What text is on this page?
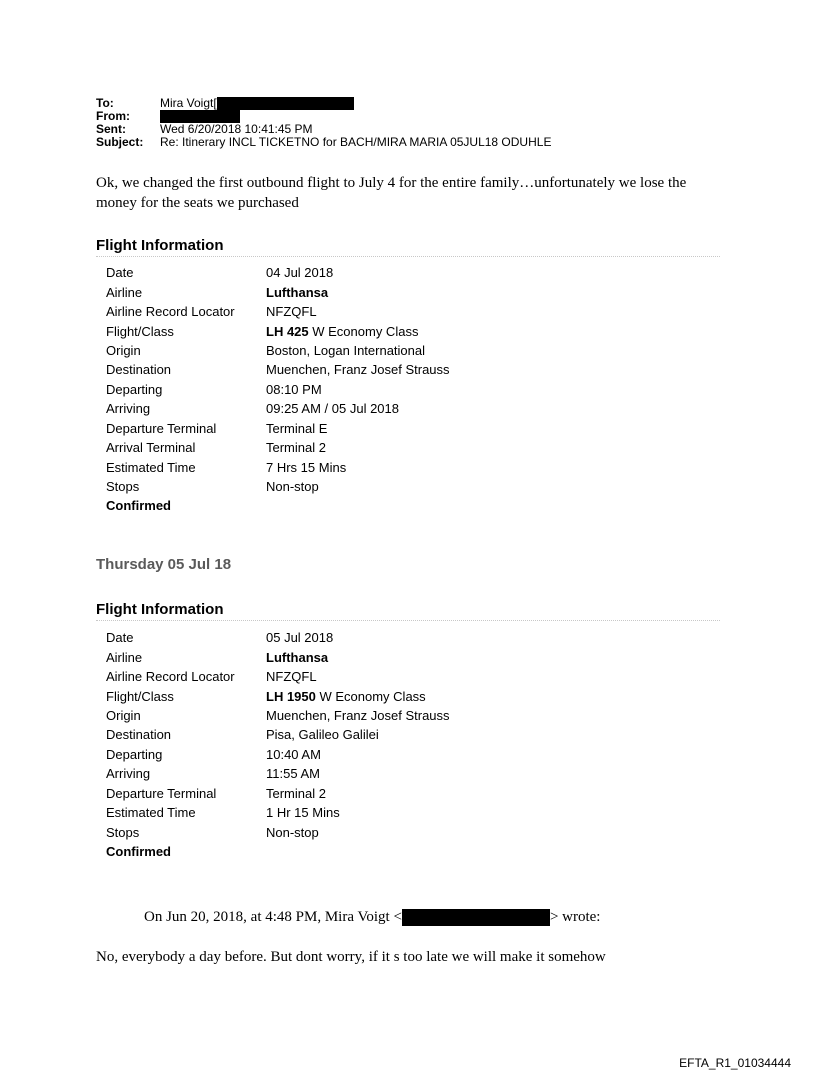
To:	Mira Voigt[
From:
Sent:	Wed 6/20/2018 10:41:45 PM
Subject:	Re: Itinerary INCL TICKETNO for BACH/MIRA MARIA 05JUL18 ODUHLE
Ok, we changed the first outbound flight to July 4 for the entire family…unfortunately we lose the money for the seats we purchased
Flight Information
Date	04 Jul 2018
Airline	Lufthansa
Airline Record Locator	NFZQFL
Flight/Class	LH 425 W Economy Class
Origin	Boston, Logan International
Destination	Muenchen, Franz Josef Strauss
Departing	08:10 PM
Arriving	09:25 AM / 05 Jul 2018
Departure Terminal	Terminal E
Arrival Terminal	Terminal 2
Estimated Time	7 Hrs 15 Mins
Stops	Non-stop
Confirmed
Thursday 05 Jul 18
Flight Information
Date	05 Jul 2018
Airline	Lufthansa
Airline Record Locator	NFZQFL
Flight/Class	LH 1950 W Economy Class
Origin	Muenchen, Franz Josef Strauss
Destination	Pisa, Galileo Galilei
Departing	10:40 AM
Arriving	11:55 AM
Departure Terminal	Terminal 2
Estimated Time	1 Hr 15 Mins
Stops	Non-stop
Confirmed
On Jun 20, 2018, at 4:48 PM, Mira Voigt <	> wrote:
No, everybody a day before. But dont worry, if it s too late we will make it somehow
EFTA_R1_01034444
